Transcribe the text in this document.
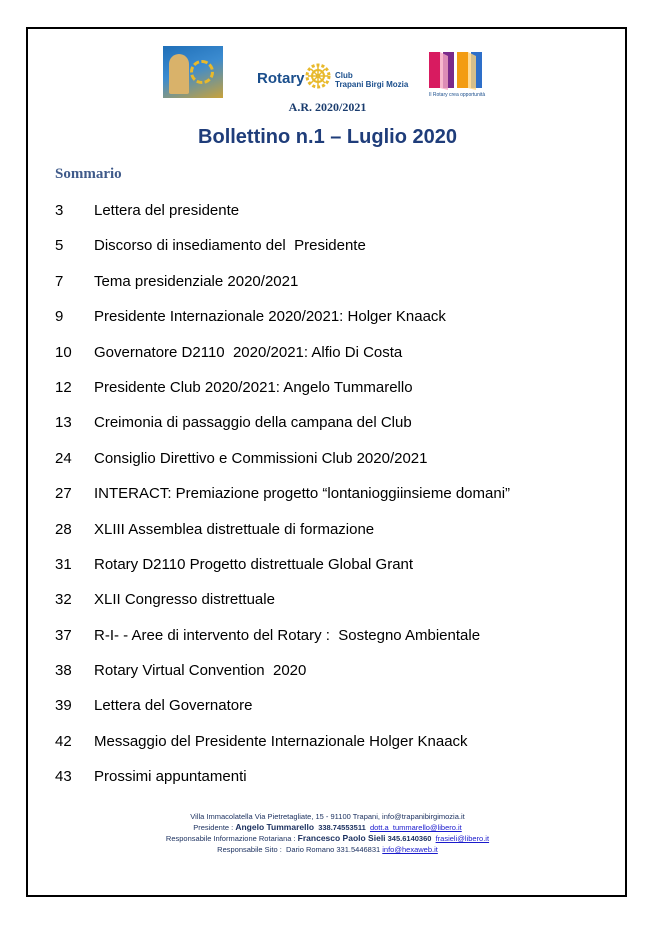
Rotary	Club
Trapani Birgi Mozia
Il Rotary crea opportunità
A.R. 2020/2021
Bollettino n.1 – Luglio 2020
Sommario
3 Lettera del presidente
5 Discorso di insediamento del  Presidente
7 Tema presidenziale 2020/2021
9 Presidente Internazionale 2020/2021: Holger Knaack
10 Governatore D2110  2020/2021: Alfio Di Costa
12 Presidente Club 2020/2021: Angelo Tummarello
13 Creimonia di passaggio della campana del Club
24 Consiglio Direttivo e Commissioni Club 2020/2021
27 INTERACT: Premiazione progetto “lontanioggiinsieme domani”
28 XLIII Assemblea distrettuale di formazione
31 Rotary D2110 Progetto distrettuale Global Grant
32 XLII Congresso distrettuale
37 R-I- - Aree di intervento del Rotary :  Sostegno Ambientale
38 Rotary Virtual Convention  2020
39 Lettera del Governatore
42 Messaggio del Presidente Internazionale Holger Knaack
43 Prossimi appuntamenti
Villa Immacolatella Via Pietretagliate, 15 - 91100 Trapani, info@trapanibirgimozia.it
Presidente : Angelo Tummarello  338.74553511  dott.a_tummarello@libero.it
Responsabile Informazione Rotariana : Francesco Paolo Sieli 345.6140360  frasieli@libero.it
Responsabile Sito :  Dario Romano 331.5446831 info@hexaweb.it
